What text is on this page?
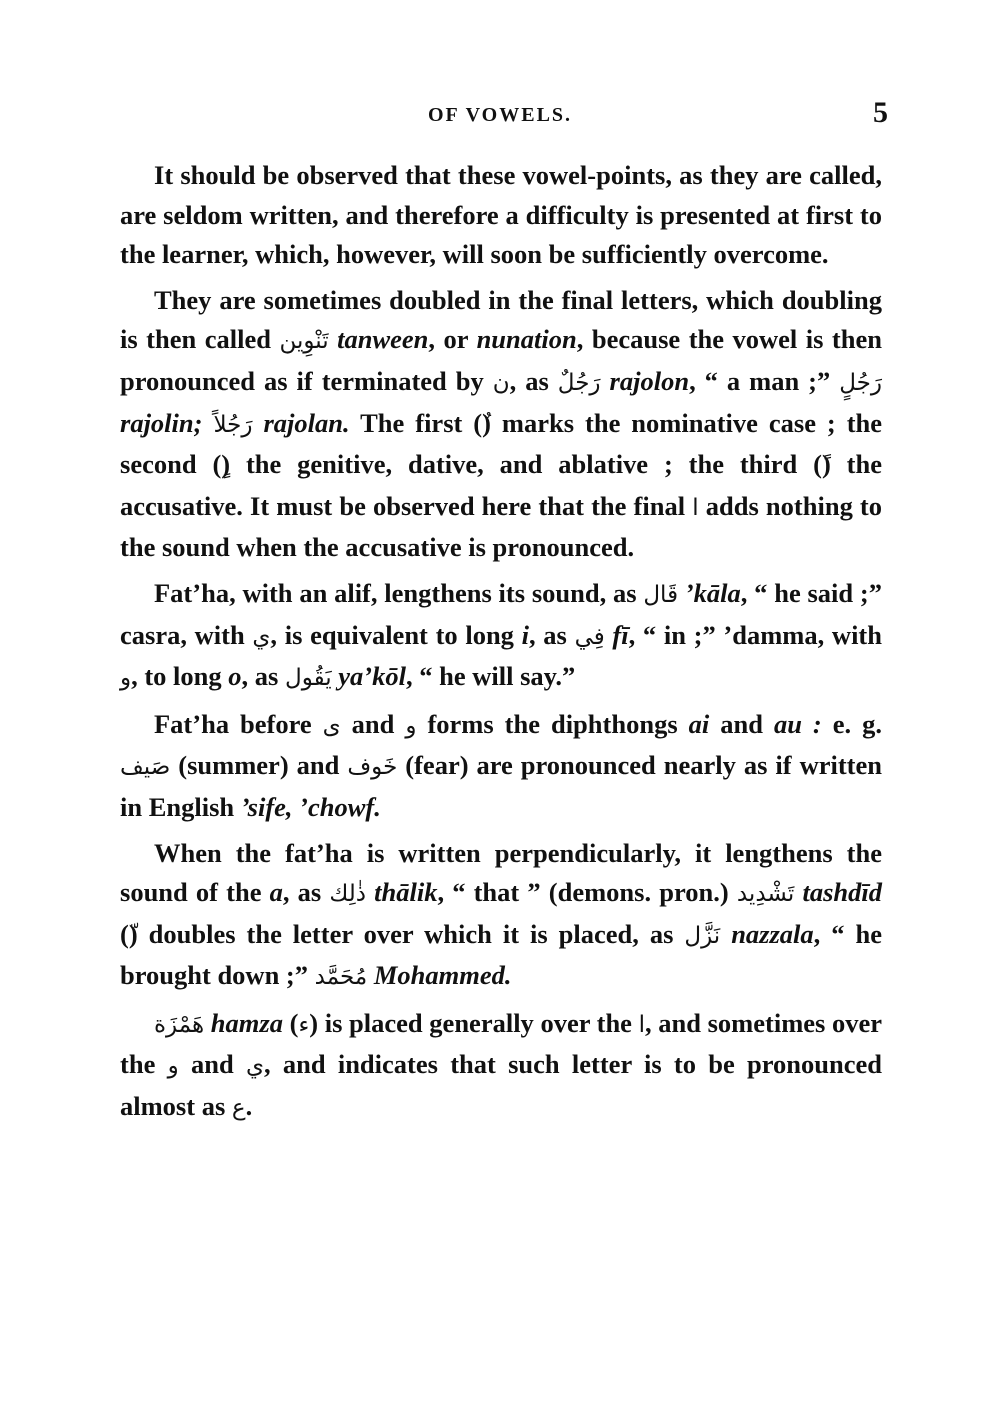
OF VOWELS.	5

It should be observed that these vowel-points, as they are called, are seldom written, and therefore a difficulty is presented at first to the learner, which, however, will soon be sufficiently overcome.

They are sometimes doubled in the final letters, which doubling is then called تَنْوِين tanween, or nunation, because the vowel is then pronounced as if terminated by ن, as رَجُلٌ rajolon, “ a man ;” رَجُلٍ rajolin; رَجُلاً rajolan. The first () marks the nominative case ; the second () the genitive, dative, and ablative ; the third () the accusative. It must be observed here that the final ا adds nothing to the sound when the accusative is pronounced.

Fat’ha, with an alif, lengthens its sound, as قَال ’kāla, “ he said ;” casra, with ي, is equivalent to long i, as فِي fī, “ in ;” ’damma, with و, to long o, as يَقُول ya’kōl, “ he will say.”

Fat’ha before ى and و forms the diphthongs ai and au : e. g. صَيف (summer) and خَوف (fear) are pronounced nearly as if written in English ’sife, ’chowf.

When the fat’ha is written perpendicularly, it lengthens the sound of the a, as ذٰلِك thālik, “ that ” (demons. pron.) تَشْدِيد tashdīd () doubles the letter over which it is placed, as نَزَّل nazzala, “ he brought down ;” مُحَمَّد Mohammed.

هَمْزَة hamza (ء) is placed generally over the ا, and sometimes over the و and ي, and indicates that such letter is to be pronounced almost as ع.
